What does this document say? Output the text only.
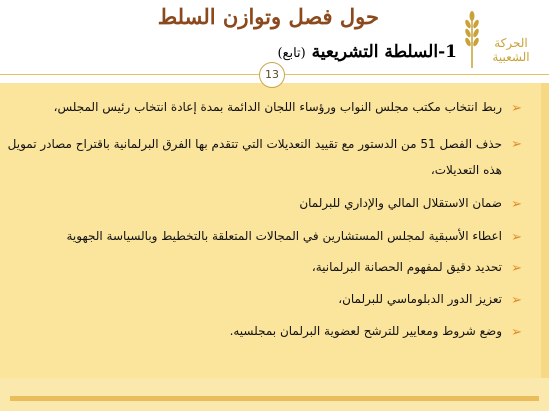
حول فصل وتوازن السلط
1-السلطة التشريعية (تابع)
الحركة
الشعبية
13
➢
ربط انتخاب مكتب مجلس النواب ورؤساء اللجان الدائمة بمدة إعادة انتخاب رئيس المجلس،
➢
حذف الفصل 51 من الدستور مع تقييد التعديلات التي تتقدم بها الفرق البرلمانية باقتراح مصادر تمويل هذه التعديلات،
➢
ضمان الاستقلال المالي والإداري للبرلمان
➢
اعطاء الأسبقية لمجلس المستشارين في المجالات المتعلقة بالتخطيط وبالسياسة الجهوية
➢
تحديد دقيق لمفهوم الحصانة البرلمانية،
➢
تعزيز الدور الدبلوماسي للبرلمان،
➢
وضع شروط ومعايير للترشح لعضوية البرلمان بمجلسيه.
